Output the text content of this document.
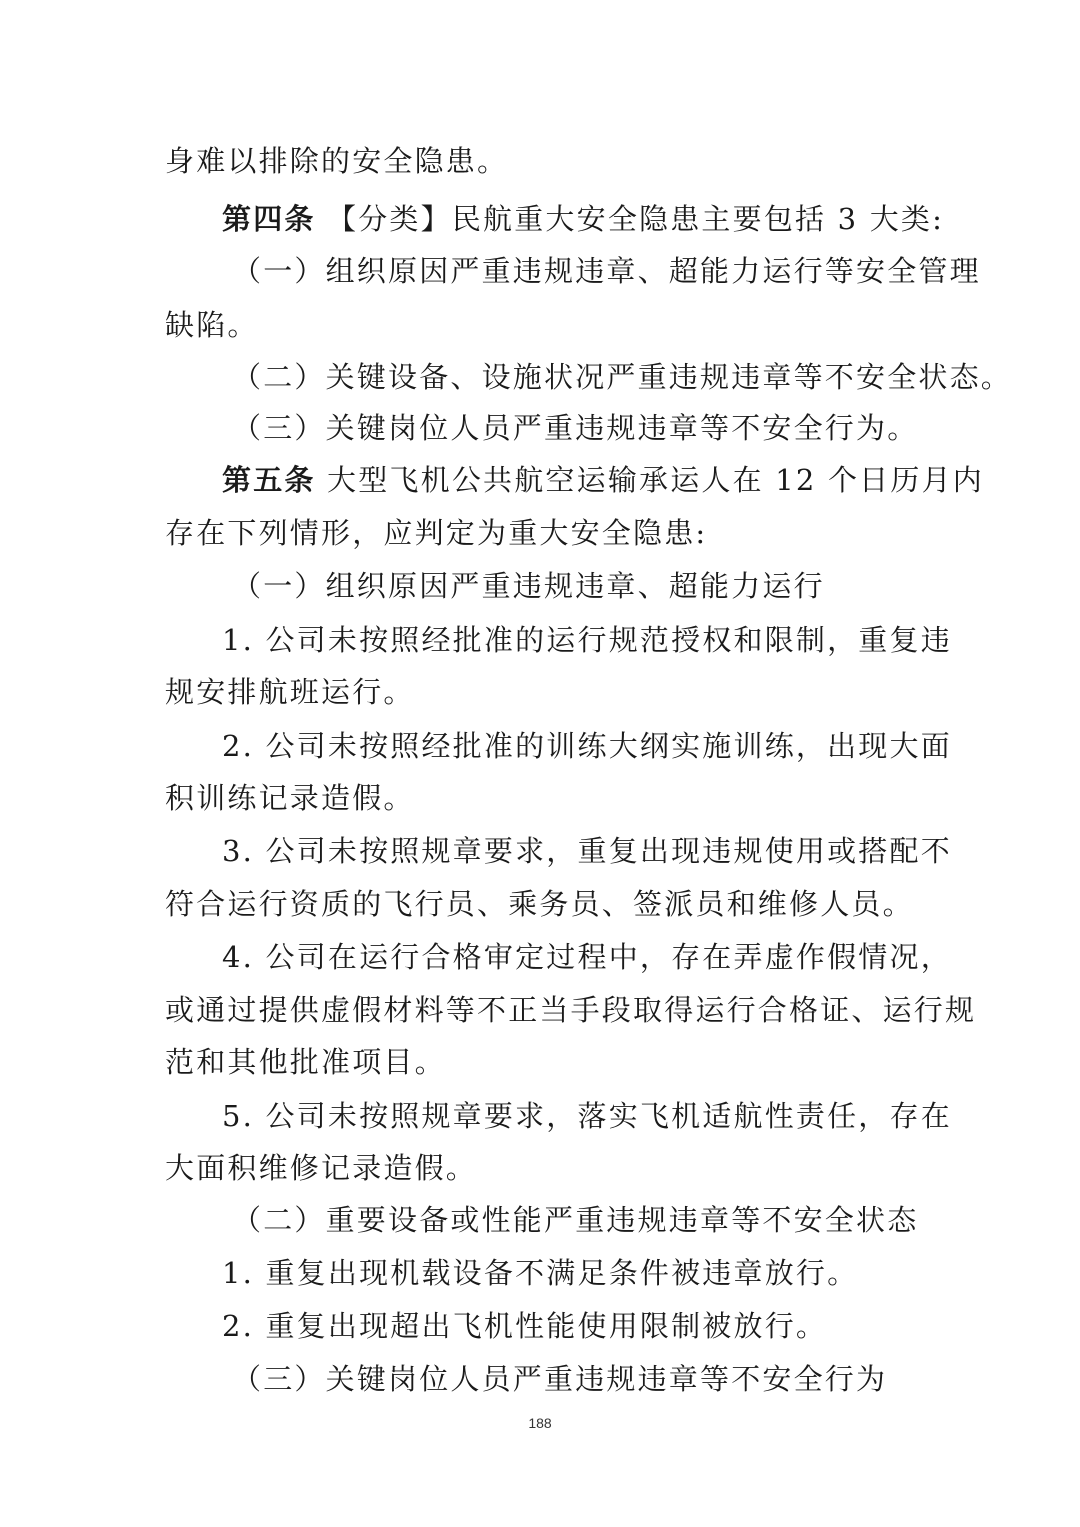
身难以排除的安全隐患。
第四条 【分类】民航重大安全隐患主要包括 3 大类:
（一）组织原因严重违规违章、超能力运行等安全管理
缺陷。
（二）关键设备、设施状况严重违规违章等不安全状态。
（三）关键岗位人员严重违规违章等不安全行为。
第五条 大型飞机公共航空运输承运人在 12 个日历月内
存在下列情形，应判定为重大安全隐患:
（一）组织原因严重违规违章、超能力运行
1. 公司未按照经批准的运行规范授权和限制，重复违
规安排航班运行。
2. 公司未按照经批准的训练大纲实施训练，出现大面
积训练记录造假。
3. 公司未按照规章要求，重复出现违规使用或搭配不
符合运行资质的飞行员、乘务员、签派员和维修人员。
4. 公司在运行合格审定过程中，存在弄虚作假情况，
或通过提供虚假材料等不正当手段取得运行合格证、运行规
范和其他批准项目。
5. 公司未按照规章要求，落实飞机适航性责任，存在
大面积维修记录造假。
（二）重要设备或性能严重违规违章等不安全状态
1. 重复出现机载设备不满足条件被违章放行。
2. 重复出现超出飞机性能使用限制被放行。
（三）关键岗位人员严重违规违章等不安全行为
188
